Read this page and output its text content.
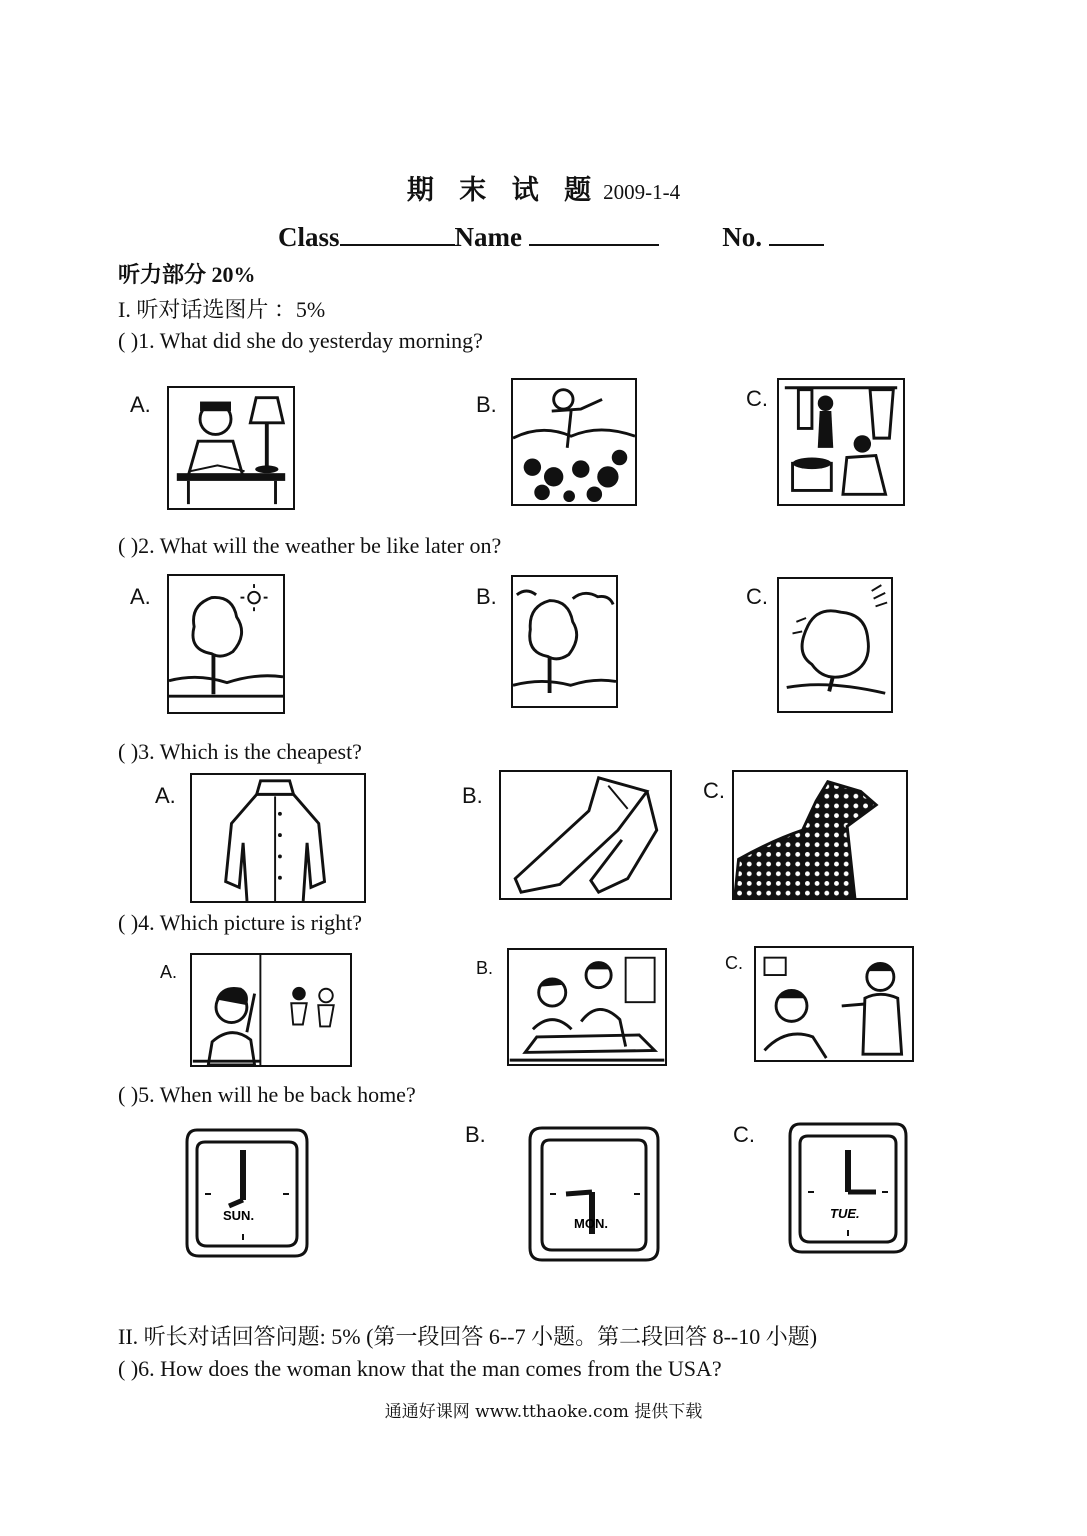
期 末 试 题 2009-1-4
Class	Name	No.
听力部分 20%
I. 听对话选图片 ：5%
( )1. What did she do yesterday morning?
A.	B.	C.
( )2. What will the weather be like later on?
A.	B.	C.
( )3. Which is the cheapest?
A.	B.	C.
( )4. Which picture is right?
A.	B.	C.
( )5. When will he be back home?
SUN.
B.
MON.
C.
TUE.
II. 听长对话回答问题: 5% (第一段回答 6--7 小题。第二段回答 8--10 小题)
( )6. How does the woman know that the man comes from the USA?
通通好课网 www.tthaoke.com 提供下载
